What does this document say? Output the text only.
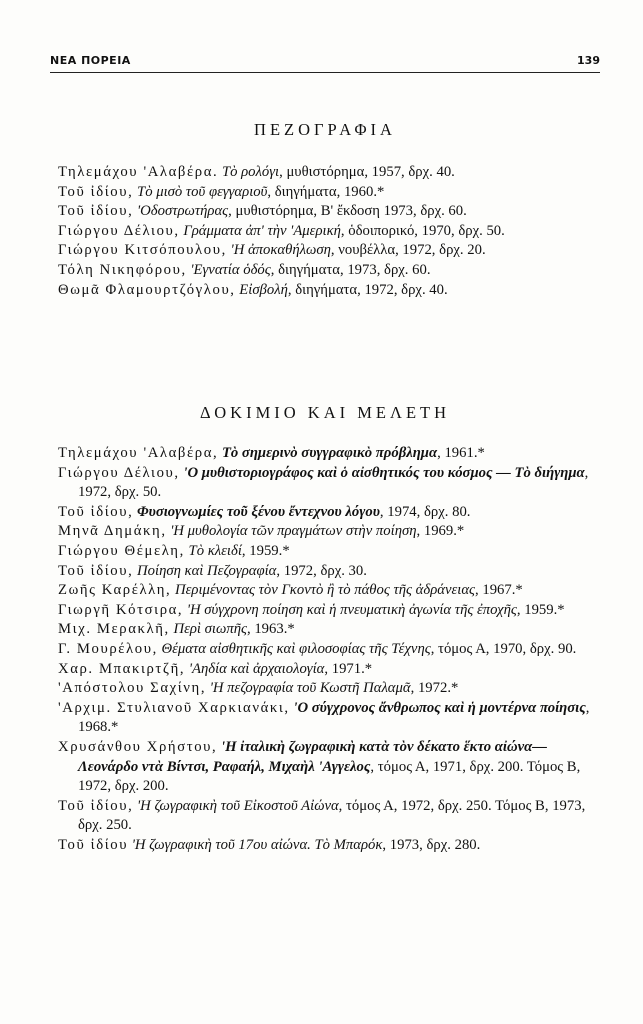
ΝΕΑ ΠΟΡΕΙΑ	139
ΠΕΖΟΓΡΑΦΙΑ

Τηλεμάχου 'Αλαβέρα. Τὸ ρολόγι, μυθιστόρημα, 1957, δρχ. 40.

Τοῦ ἰδίου, Τὸ μισὸ τοῦ φεγγαριοῦ, διηγήματα, 1960.*

Τοῦ ἰδίου, 'Οδοστρωτήρας, μυθιστόρημα, Β' ἔκδοση 1973, δρχ. 60.

Γιώργου Δέλιου, Γράμματα ἀπ' τὴν 'Αμερική, ὁδοιπορικό, 1970, δρχ. 50.

Γιώργου Κιτσόπουλου, 'Η ἀποκαθήλωση, νουβέλλα, 1972, δρχ. 20.

Τόλη Νικηφόρου, 'Εγνατία ὁδός, διηγήματα, 1973, δρχ. 60.

Θωμᾶ Φλαμουρτζόγλου, Εἰσβολή, διηγήματα, 1972, δρχ. 40.

ΔΟΚΙΜΙΟ ΚΑΙ ΜΕΛΕΤΗ

Τηλεμάχου 'Αλαβέρα, Τὸ σημερινὸ συγγραφικὸ πρόβλημα, 1961.*

Γιώργου Δέλιου, 'Ο μυθιστοριογράφος καὶ ὁ αἰσθητικός του κόσμος — Τὸ διήγημα, 1972, δρχ. 50.

Τοῦ ἰδίου, Φυσιογνωμίες τοῦ ξένου ἔντεχνου λόγου, 1974, δρχ. 80.

Μηνᾶ Δημάκη, 'Η μυθολογία τῶν πραγμάτων στὴν ποίηση, 1969.*

Γιώργου Θέμελη, Τὸ κλειδί, 1959.*

Τοῦ ἰδίου, Ποίηση καὶ Πεζογραφία, 1972, δρχ. 30.

Ζωῆς Καρέλλη, Περιμένοντας τὸν Γκοντὸ ἢ τὸ πάθος τῆς ἀδράνειας, 1967.*

Γιωργῆ Κότσιρα, 'Η σύγχρονη ποίηση καὶ ἡ πνευματικὴ ἀγωνία τῆς ἐποχῆς, 1959.*

Μιχ. Μερακλῆ, Περὶ σιωπῆς, 1963.*

Γ. Μουρέλου, Θέματα αἰσθητικῆς καὶ φιλοσοφίας τῆς Τέχνης, τόμος Α, 1970, δρχ. 90.

Χαρ. Μπακιρτζῆ, 'Αηδία καὶ ἀρχαιολογία, 1971.*

'Απόστολου Σαχίνη, 'Η πεζογραφία τοῦ Κωστῆ Παλαμᾶ, 1972.*

'Αρχιμ. Στυλιανοῦ Χαρκιανάκι, 'Ο σύγχρονος ἄνθρωπος καὶ ἡ μοντέρνα ποίησις, 1968.*

Χρυσάνθου Χρήστου, 'Η ἰταλικὴ ζωγραφικὴ κατὰ τὸν δέκατο ἕκτο αἰώνα—Λεονάρδο ντὰ Βίντσι, Ραφαήλ, Μιχαὴλ 'Αγγελος, τόμος Α, 1971, δρχ. 200. Τόμος Β, 1972, δρχ. 200.

Τοῦ ἰδίου, 'Η ζωγραφικὴ τοῦ Εἰκοστοῦ Αἰώνα, τόμος Α, 1972, δρχ. 250. Τόμος Β, 1973, δρχ. 250.

Τοῦ ἰδίου 'Η ζωγραφικὴ τοῦ 17ου αἰώνα. Τὸ Μπαρόκ, 1973, δρχ. 280.
